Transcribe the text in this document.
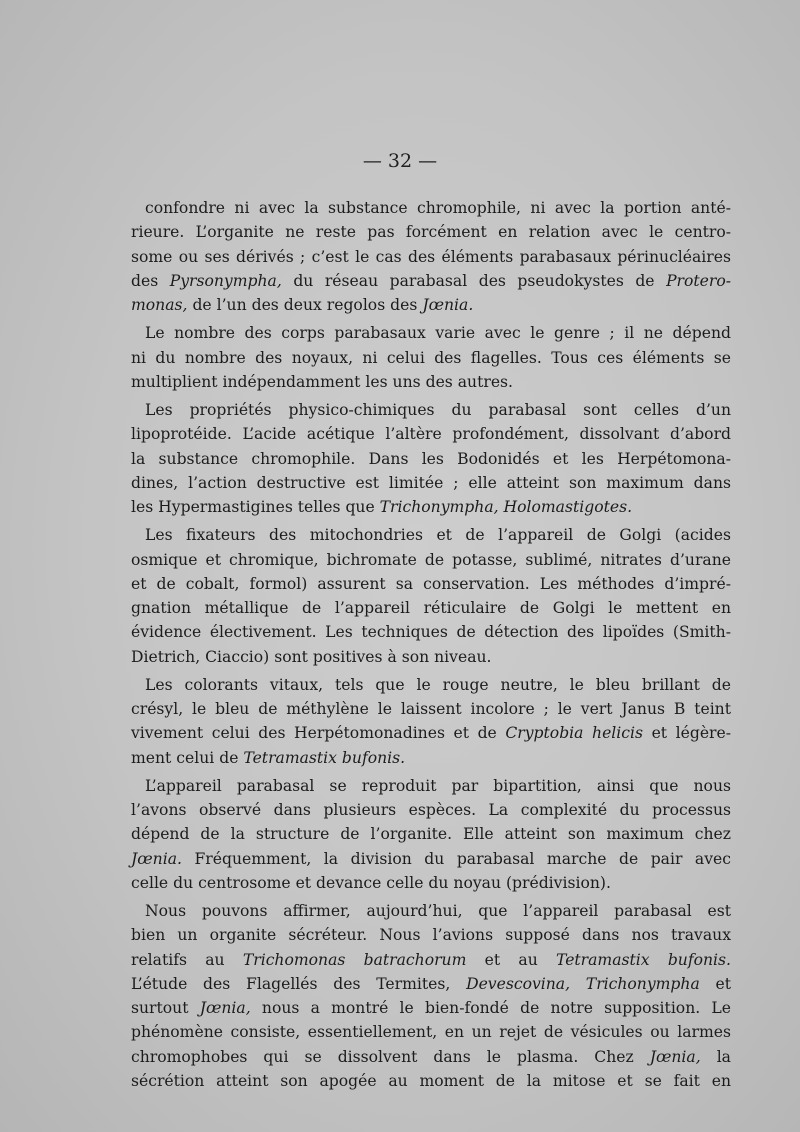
— 32 —
confondre ni avec la substance chromophile, ni avec la portion anté-
rieure. L’organite ne reste pas forcément en relation avec le centro-
some ou ses dérivés ; c’est le cas des éléments parabasaux périnucléaires
des Pyrsonympha, du réseau parabasal des pseudokystes de Protero-
monas, de l’un des deux regolos des Jœnia.
Le nombre des corps parabasaux varie avec le genre ; il ne dépend
ni du nombre des noyaux, ni celui des flagelles. Tous ces éléments se
multiplient indépendamment les uns des autres.
Les propriétés physico-chimiques du parabasal sont celles d’un
lipoprotéide. L’acide acétique l’altère profondément, dissolvant d’abord
la substance chromophile. Dans les Bodonidés et les Herpétomona-
dines, l’action destructive est limitée ; elle atteint son maximum dans
les Hypermastigines telles que Trichonympha, Holomastigotes.
Les fixateurs des mitochondries et de l’appareil de Golgi (acides
osmique et chromique, bichromate de potasse, sublimé, nitrates d’urane
et de cobalt, formol) assurent sa conservation. Les méthodes d’impré-
gnation métallique de l’appareil réticulaire de Golgi le mettent en
évidence électivement. Les techniques de détection des lipoïdes (Smith-
Dietrich, Ciaccio) sont positives à son niveau.
Les colorants vitaux, tels que le rouge neutre, le bleu brillant de
crésyl, le bleu de méthylène le laissent incolore ; le vert Janus B teint
vivement celui des Herpétomonadines et de Cryptobia helicis et légère-
ment celui de Tetramastix bufonis.
L’appareil parabasal se reproduit par bipartition, ainsi que nous
l’avons observé dans plusieurs espèces. La complexité du processus
dépend de la structure de l’organite. Elle atteint son maximum chez
Jœnia. Fréquemment, la division du parabasal marche de pair avec
celle du centrosome et devance celle du noyau (prédivision).
Nous pouvons affirmer, aujourd’hui, que l’appareil parabasal est
bien un organite sécréteur. Nous l’avions supposé dans nos travaux
relatifs au Trichomonas batrachorum et au Tetramastix bufonis.
L’étude des Flagellés des Termites, Devescovina, Trichonympha et
surtout Jœnia, nous a montré le bien-fondé de notre supposition. Le
phénomène consiste, essentiellement, en un rejet de vésicules ou larmes
chromophobes qui se dissolvent dans le plasma. Chez Jœnia, la
sécrétion atteint son apogée au moment de la mitose et se fait en
